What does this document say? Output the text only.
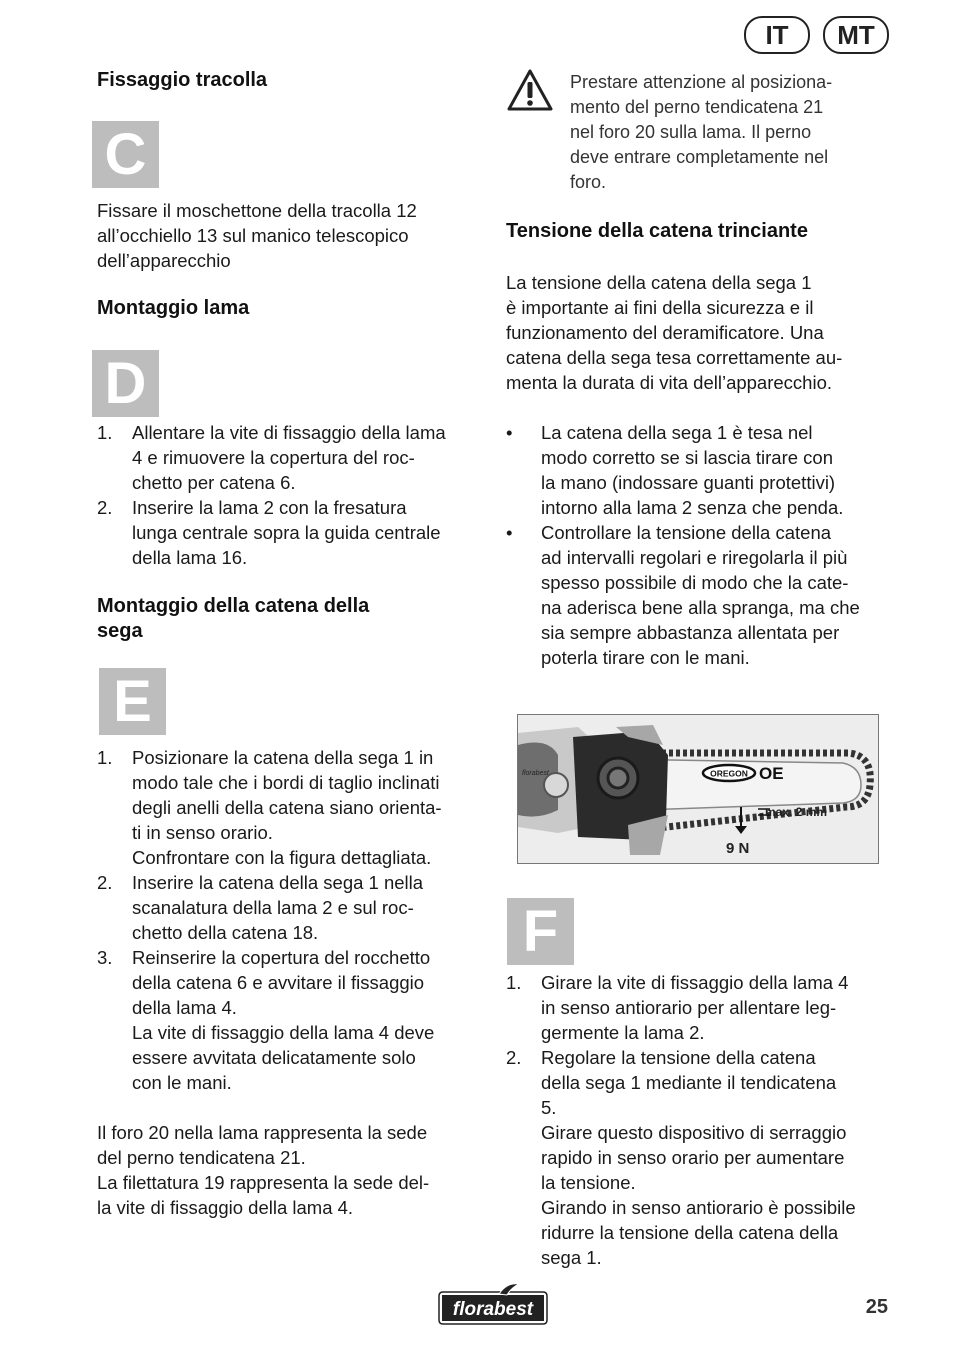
IT	MT
Fissaggio tracolla
C
Fissare il moschettone della tracolla 12
all’occhiello 13 sul manico telescopico
dell’apparecchio
Montaggio lama
D
1. Allentare la vite di fissaggio della lama
4 e rimuovere la copertura del roc-
chetto per catena 6.
2. Inserire la lama 2 con la fresatura
lunga centrale sopra la guida centrale
della lama 16.
Montaggio della catena della
sega
E
1. Posizionare la catena della sega 1 in
modo tale che i bordi di taglio inclinati
degli anelli della catena siano orienta-
ti in senso orario.
Confrontare con la figura dettagliata.
2. Inserire la catena della sega 1 nella
scanalatura della lama 2 e sul roc-
chetto della catena 18.
3. Reinserire la copertura del rocchetto
della catena 6 e avvitare il fissaggio
della lama 4.
La vite di fissaggio della lama 4 deve
essere avvitata delicatamente solo
con le mani.
Il foro 20 nella lama rappresenta la sede
del perno tendicatena 21.
La filettatura 19 rappresenta la sede del-
la vite di fissaggio della lama 4.
Prestare attenzione al posiziona-
mento del perno tendicatena 21
nel foro 20 sulla lama. Il perno
deve entrare completamente nel
foro.
Tensione della catena trinciante
La tensione della catena della sega 1
è importante ai fini della sicurezza e il
funzionamento del deramificatore. Una
catena della sega tesa correttamente au-
menta la durata di vita dell’apparecchio.
• La catena della sega 1 è tesa nel
modo corretto se si lascia tirare con
la mano (indossare guanti protettivi)
intorno alla lama 2 senza che penda.
• Controllare la tensione della catena
ad intervalli regolari e riregolarla il più
spesso possibile di modo che la cate-
na aderisca bene alla spranga, ma che
sia sempre abbastanza allentata per
poterla tirare con le mani.
OREGON OE
florabest
max. 2 mm
9 N
F
1. Girare la vite di fissaggio della lama 4
in senso antiorario per allentare leg-
germente la lama 2.
2. Regolare la tensione della catena
della sega 1 mediante il tendicatena
5.
Girare questo dispositivo di serraggio
rapido in senso orario per aumentare
la tensione.
Girando in senso antiorario è possibile
ridurre la tensione della catena della
sega 1.
florabest	25
